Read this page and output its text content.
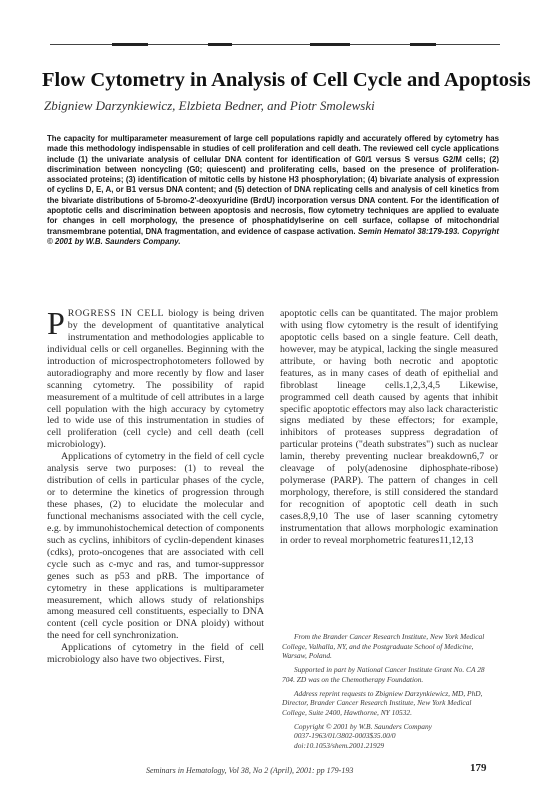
Flow Cytometry in Analysis of Cell Cycle and Apoptosis

Zbigniew Darzynkiewicz, Elzbieta Bedner, and Piotr Smolewski

The capacity for multiparameter measurement of large cell populations rapidly and accurately offered by cytometry has made this methodology indispensable in studies of cell proliferation and cell death. The reviewed cell cycle applications include (1) the univariate analysis of cellular DNA content for identification of G0/1 versus S versus G2/M cells; (2) discrimination between noncycling (G0; quiescent) and proliferating cells, based on the presence of proliferation-associated proteins; (3) identification of mitotic cells by histone H3 phosphorylation; (4) bivariate analysis of expression of cyclins D, E, A, or B1 versus DNA content; and (5) detection of DNA replicating cells and analysis of cell kinetics from the bivariate distributions of 5-bromo-2'-deoxyuridine (BrdU) incorporation versus DNA content. For the identification of apoptotic cells and discrimination between apoptosis and necrosis, flow cytometry techniques are applied to evaluate for changes in cell morphology, the presence of phosphatidylserine on cell surface, collapse of mitochondrial transmembrane potential, DNA fragmentation, and evidence of caspase activation. Semin Hematol 38:179-193. Copyright © 2001 by W.B. Saunders Company.

PROGRESS IN CELL biology is being driven by the development of quantitative analytical instrumentation and methodologies applicable to individual cells or cell organelles. Beginning with the introduction of microspectrophotometers followed by autoradiography and more recently by flow and laser scanning cytometry. The possibility of rapid measurement of a multitude of cell attributes in a large cell population with the high accuracy by cytometry led to wide use of this instrumentation in studies of cell proliferation (cell cycle) and cell death (cell microbiology).

Applications of cytometry in the field of cell cycle analysis serve two purposes: (1) to reveal the distribution of cells in particular phases of the cycle, or to determine the kinetics of progression through these phases, (2) to elucidate the molecular and functional mechanisms associated with the cell cycle, e.g. by immunohistochemical detection of components such as cyclins, inhibitors of cyclin-dependent kinases (cdks), proto-oncogenes that are associated with cell cycle such as c-myc and ras, and tumor-suppressor genes such as p53 and pRB. The importance of cytometry in these applications is multiparameter measurement, which allows study of relationships among measured cell constituents, especially to DNA content (cell cycle position or DNA ploidy) without the need for cell synchronization.

Applications of cytometry in the field of cell microbiology also have two objectives. First,

apoptotic cells can be quantitated. The major problem with using flow cytometry is the result of identifying apoptotic cells based on a single feature. Cell death, however, may be atypical, lacking the single measured attribute, or having both necrotic and apoptotic features, as in many cases of death of epithelial and fibroblast lineage cells.1,2,3,4,5 Likewise, programmed cell death caused by agents that inhibit specific apoptotic effectors may also lack characteristic signs mediated by these effectors; for example, inhibitors of proteases suppress degradation of particular proteins ("death substrates") such as nuclear lamin, thereby preventing nuclear breakdown6,7 or cleavage of poly(adenosine diphosphate-ribose) polymerase (PARP). The pattern of changes in cell morphology, therefore, is still considered the standard for recognition of apoptotic cell death in such cases.8,9,10 The use of laser scanning cytometry instrumentation that allows morphologic examination in order to reveal morphometric features11,12,13

From the Brander Cancer Research Institute, New York Medical College, Valhalla, NY, and the Postgraduate School of Medicine, Warsaw, Poland.

Supported in part by National Cancer Institute Grant No. CA 28 704. ZD was on the Chemotherapy Foundation.

Address reprint requests to Zbigniew Darzynkiewicz, MD, PhD, Director, Brander Cancer Research Institute, New York Medical College, Suite 2400, Hawthorne, NY 10532.

Copyright © 2001 by W.B. Saunders Company

0037-1963/01/3802-0003$35.00/0

doi:10.1053/shem.2001.21929

Seminars in Hematology, Vol 38, No 2 (April), 2001: pp 179-193	179
